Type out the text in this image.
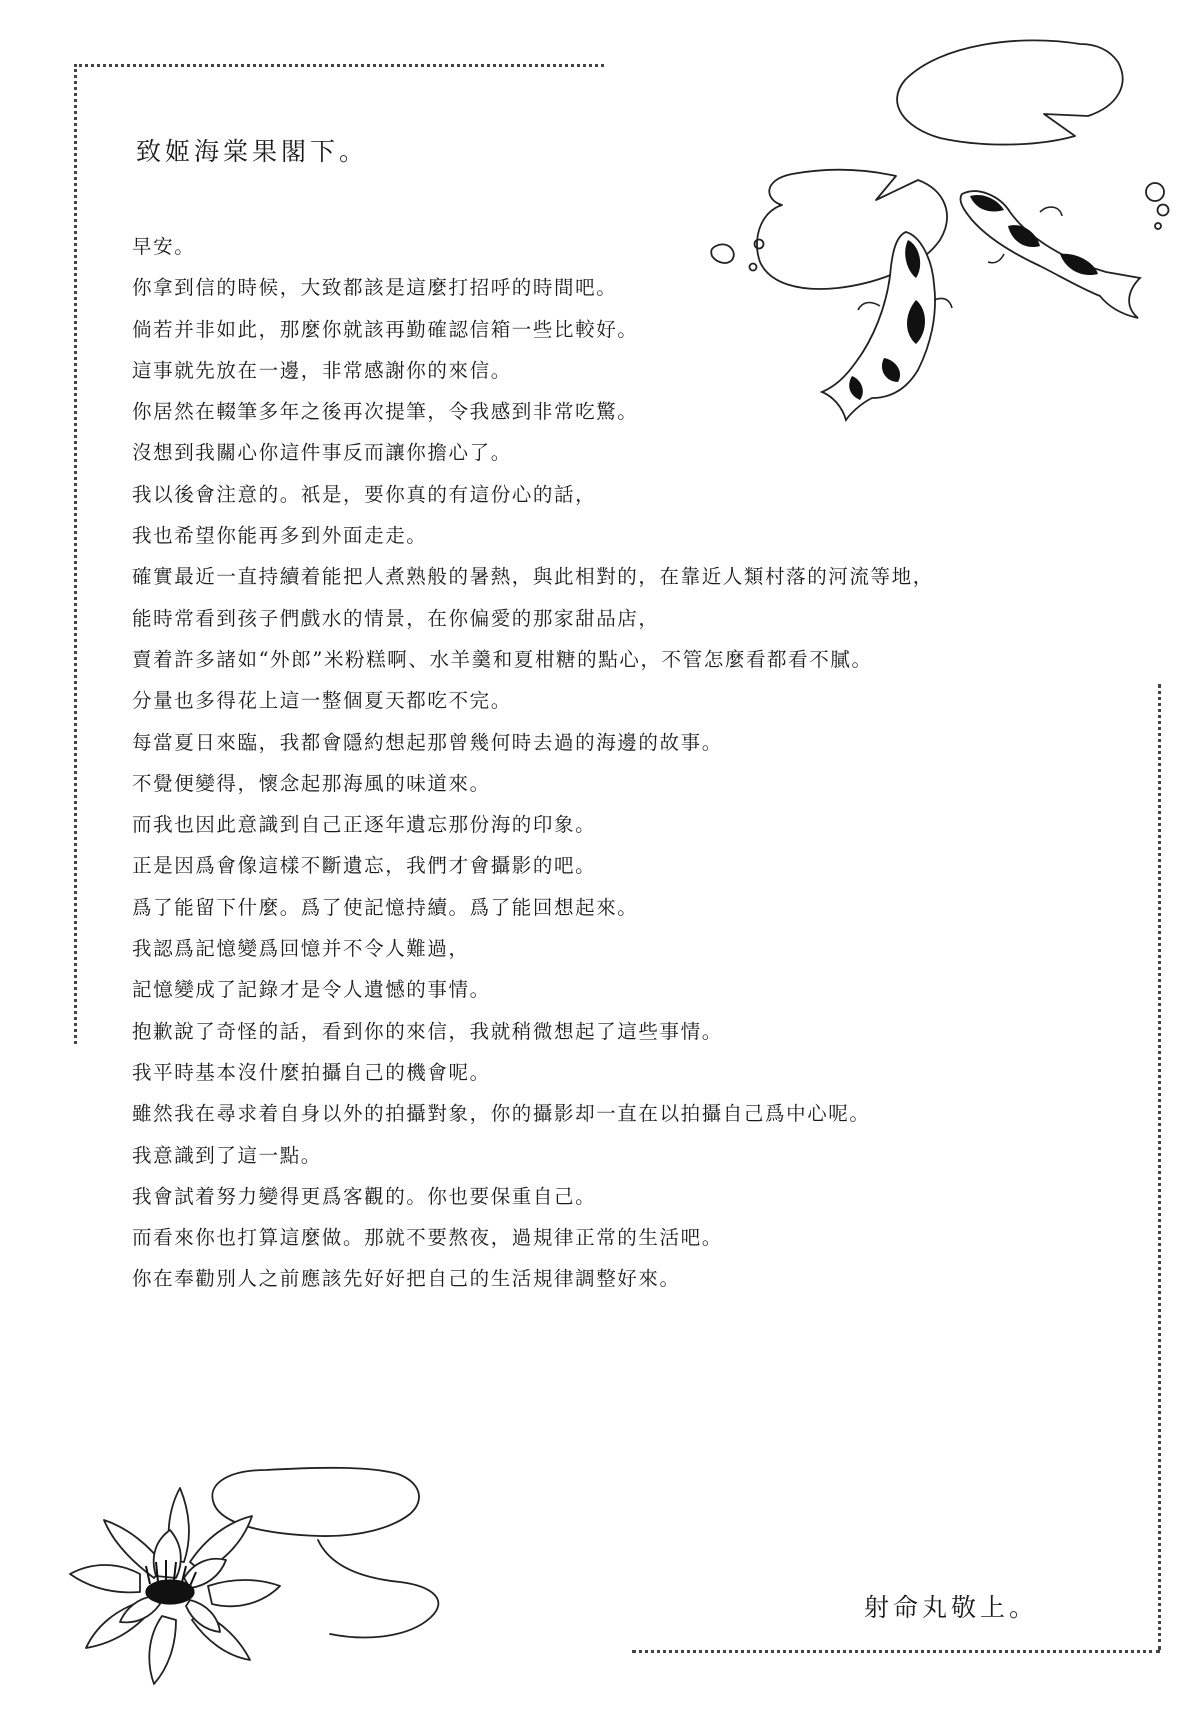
致姬海棠果閣下。
早安。
你拿到信的時候，大致都該是這麼打招呼的時間吧。
倘若并非如此，那麼你就該再勤確認信箱一些比較好。
這事就先放在一邊，非常感謝你的來信。
你居然在輟筆多年之後再次提筆，令我感到非常吃驚。
沒想到我關心你這件事反而讓你擔心了。
我以後會注意的。祇是，要你真的有這份心的話，
我也希望你能再多到外面走走。
確實最近一直持續着能把人煮熟般的暑熱，與此相對的，在靠近人類村落的河流等地，
能時常看到孩子們戲水的情景，在你偏愛的那家甜品店，
賣着許多諸如“外郎”米粉糕啊、水羊羹和夏柑糖的點心，不管怎麼看都看不膩。
分量也多得花上這一整個夏天都吃不完。
每當夏日來臨，我都會隱約想起那曾幾何時去過的海邊的故事。
不覺便變得，懷念起那海風的味道來。
而我也因此意識到自己正逐年遺忘那份海的印象。
正是因爲會像這樣不斷遺忘，我們才會攝影的吧。
爲了能留下什麼。爲了使記憶持續。爲了能回想起來。
我認爲記憶變爲回憶并不令人難過，
記憶變成了記錄才是令人遺憾的事情。
抱歉說了奇怪的話，看到你的來信，我就稍微想起了這些事情。
我平時基本沒什麼拍攝自己的機會呢。
雖然我在尋求着自身以外的拍攝對象，你的攝影却一直在以拍攝自己爲中心呢。
我意識到了這一點。
我會試着努力變得更爲客觀的。你也要保重自己。
而看來你也打算這麼做。那就不要熬夜，過規律正常的生活吧。
你在奉勸別人之前應該先好好把自己的生活規律調整好來。
射命丸敬上。
